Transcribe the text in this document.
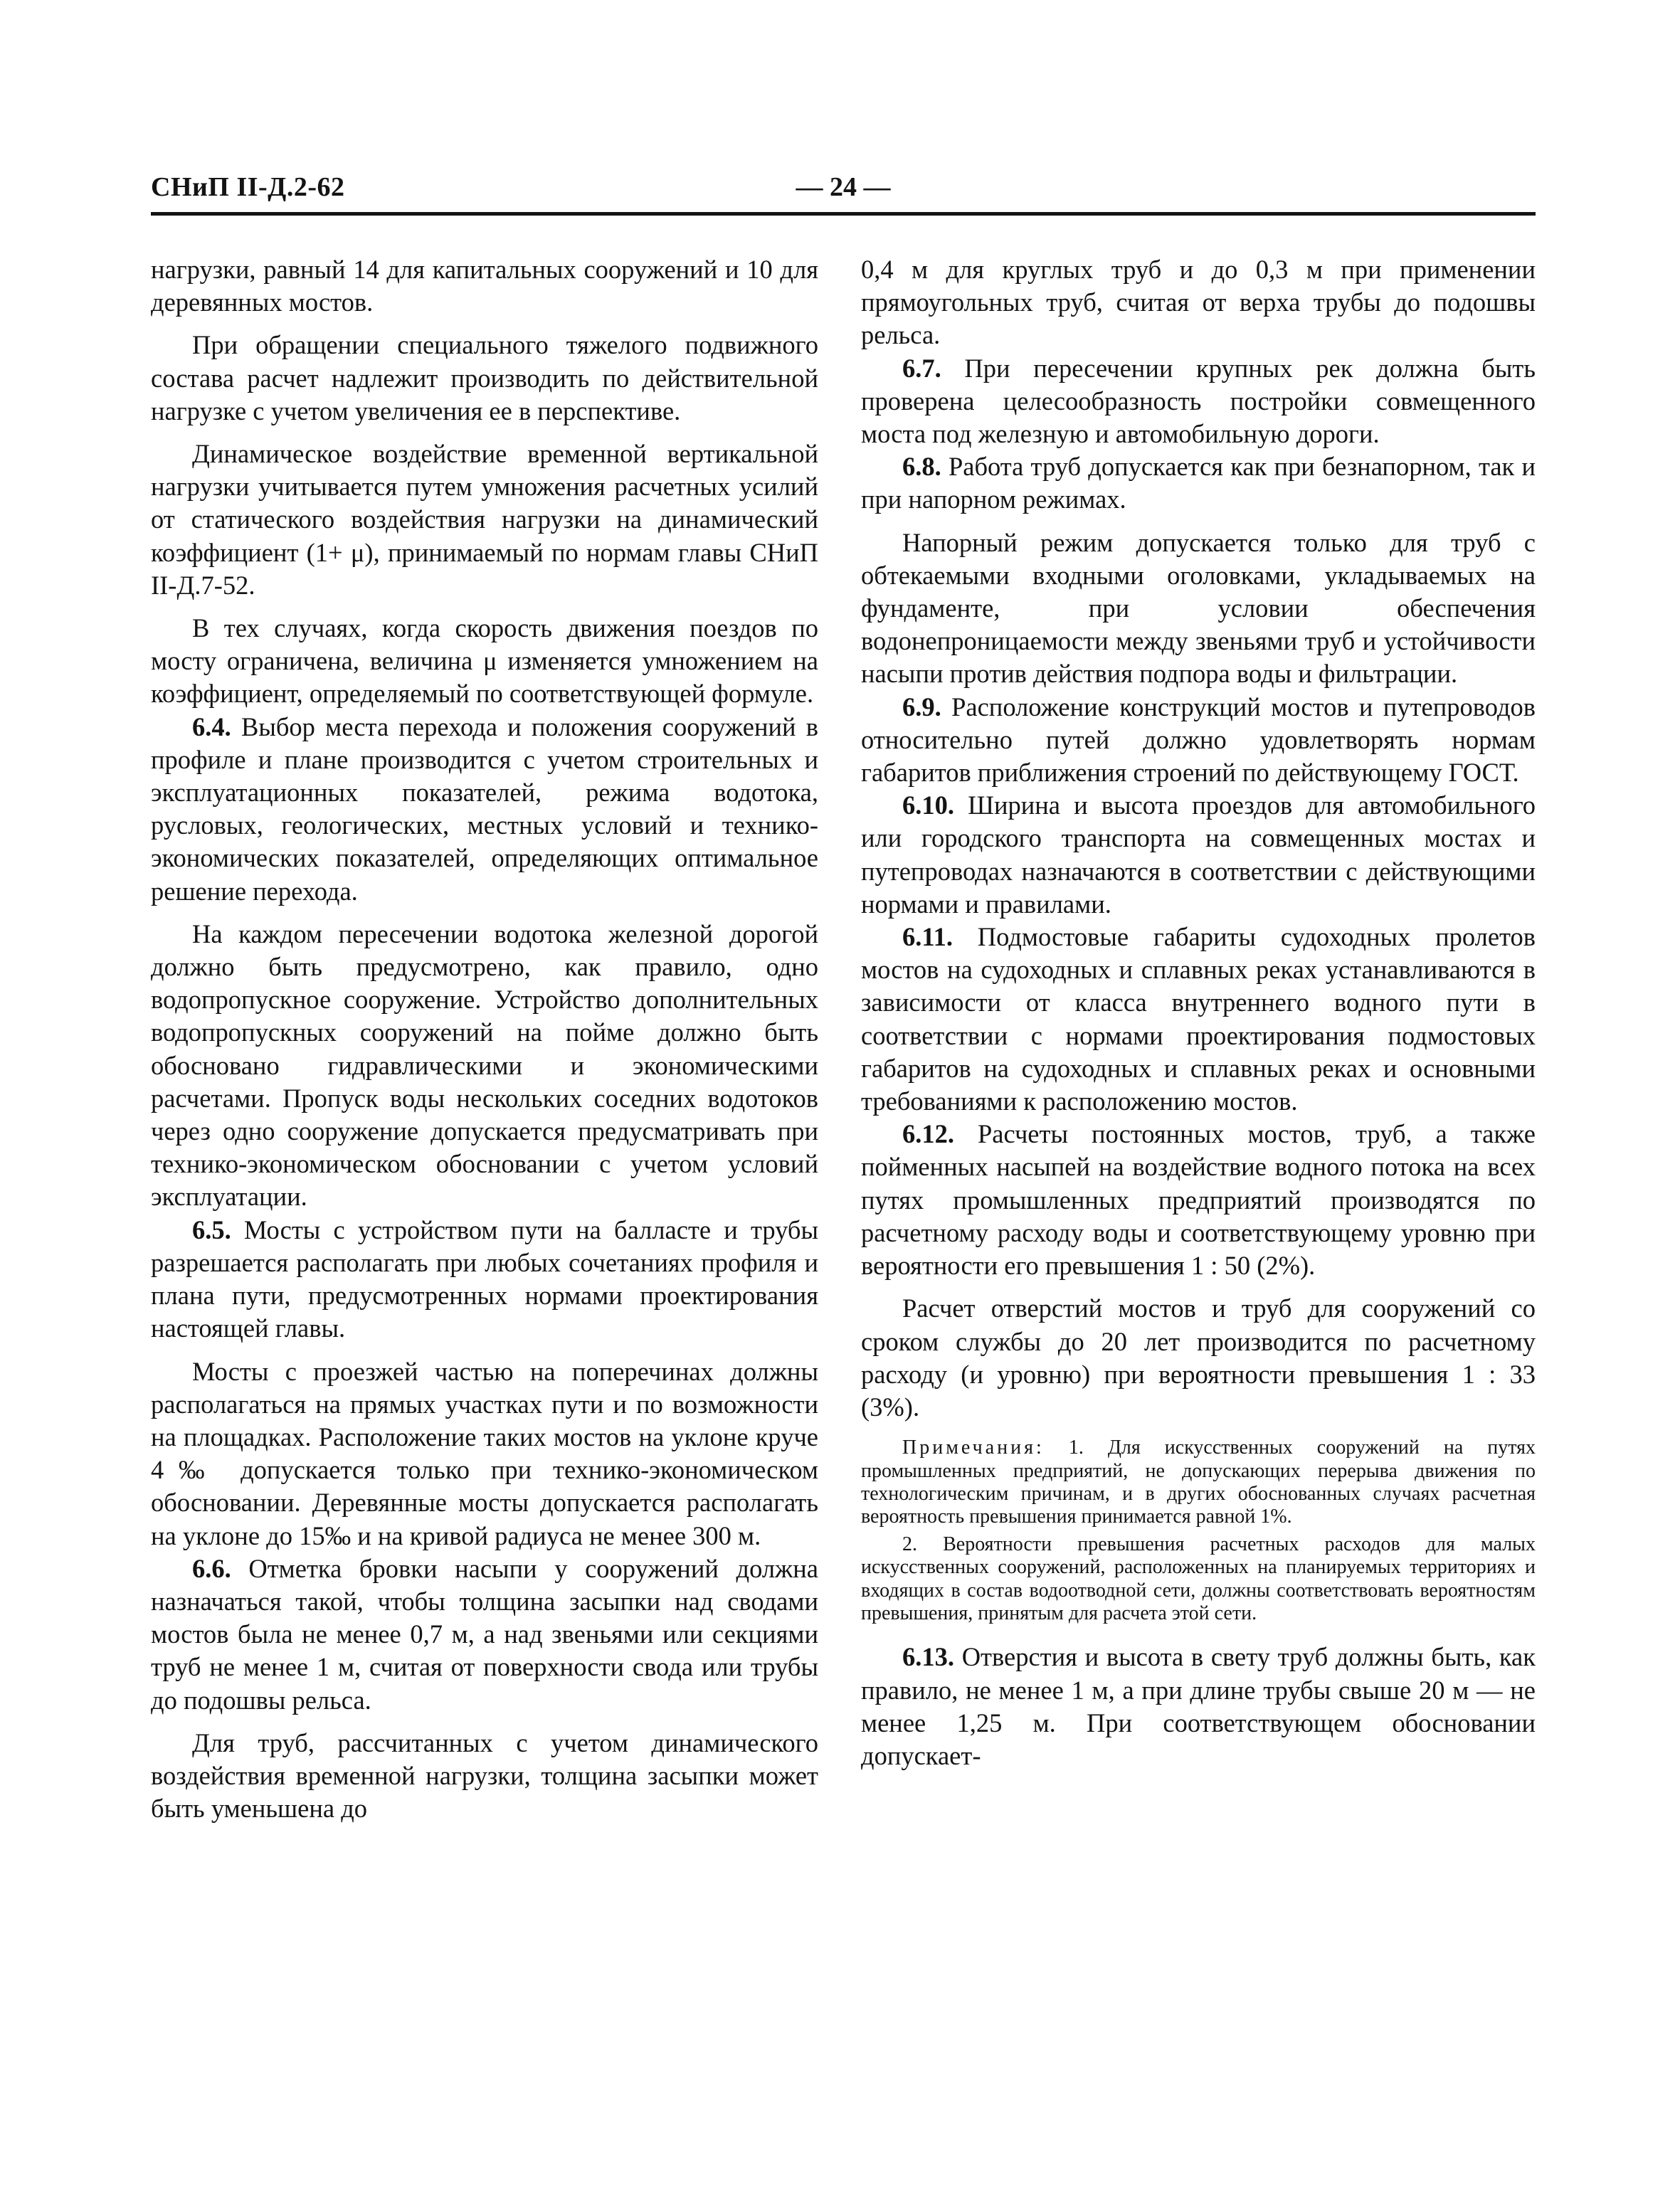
СНиП II-Д.2-62	— 24 —

нагрузки, равный 14 для капитальных сооружений и 10 для деревянных мостов.

При обращении специального тяжелого подвижного состава расчет надлежит производить по действительной нагрузке с учетом увеличения ее в перспективе.

Динамическое воздействие временной вертикальной нагрузки учитывается путем умножения расчетных усилий от статического воздействия нагрузки на динамический коэффициент (1+ μ), принимаемый по нормам главы СНиП II-Д.7-52.

В тех случаях, когда скорость движения поездов по мосту ограничена, величина μ изменяется умножением на коэффициент, определяемый по соответствующей формуле.

6.4. Выбор места перехода и положения сооружений в профиле и плане производится с учетом строительных и эксплуатационных показателей, режима водотока, русловых, геологических, местных условий и технико-экономических показателей, определяющих оптимальное решение перехода.

На каждом пересечении водотока железной дорогой должно быть предусмотрено, как правило, одно водопропускное сооружение. Устройство дополнительных водопропускных сооружений на пойме должно быть обосновано гидравлическими и экономическими расчетами. Пропуск воды нескольких соседних водотоков через одно сооружение допускается предусматривать при технико-экономическом обосновании с учетом условий эксплуатации.

6.5. Мосты с устройством пути на балласте и трубы разрешается располагать при любых сочетаниях профиля и плана пути, предусмотренных нормами проектирования настоящей главы.

Мосты с проезжей частью на поперечинах должны располагаться на прямых участках пути и по возможности на площадках. Расположение таких мостов на уклоне круче 4‰ допускается только при технико-экономическом обосновании. Деревянные мосты допускается располагать на уклоне до 15‰ и на кривой радиуса не менее 300 м.

6.6. Отметка бровки насыпи у сооружений должна назначаться такой, чтобы толщина засыпки над сводами мостов была не менее 0,7 м, а над звеньями или секциями труб не менее 1 м, считая от поверхности свода или трубы до подошвы рельса.

Для труб, рассчитанных с учетом динамического воздействия временной нагрузки, толщина засыпки может быть уменьшена до

0,4 м для круглых труб и до 0,3 м при применении прямоугольных труб, считая от верха трубы до подошвы рельса.

6.7. При пересечении крупных рек должна быть проверена целесообразность постройки совмещенного моста под железную и автомобильную дороги.

6.8. Работа труб допускается как при безнапорном, так и при напорном режимах.

Напорный режим допускается только для труб с обтекаемыми входными оголовками, укладываемых на фундаменте, при условии обеспечения водонепроницаемости между звеньями труб и устойчивости насыпи против действия подпора воды и фильтрации.

6.9. Расположение конструкций мостов и путепроводов относительно путей должно удовлетворять нормам габаритов приближения строений по действующему ГОСТ.

6.10. Ширина и высота проездов для автомобильного или городского транспорта на совмещенных мостах и путепроводах назначаются в соответствии с действующими нормами и правилами.

6.11. Подмостовые габариты судоходных пролетов мостов на судоходных и сплавных реках устанавливаются в зависимости от класса внутреннего водного пути в соответствии с нормами проектирования подмостовых габаритов на судоходных и сплавных реках и основными требованиями к расположению мостов.

6.12. Расчеты постоянных мостов, труб, а также пойменных насыпей на воздействие водного потока на всех путях промышленных предприятий производятся по расчетному расходу воды и соответствующему уровню при вероятности его превышения 1 : 50 (2%).

Расчет отверстий мостов и труб для сооружений со сроком службы до 20 лет производится по расчетному расходу (и уровню) при вероятности превышения 1 : 33 (3%).

Примечания: 1. Для искусственных сооружений на путях промышленных предприятий, не допускающих перерыва движения по технологическим причинам, и в других обоснованных случаях расчетная вероятность превышения принимается равной 1%.

2. Вероятности превышения расчетных расходов для малых искусственных сооружений, расположенных на планируемых территориях и входящих в состав водоотводной сети, должны соответствовать вероятностям превышения, принятым для расчета этой сети.

6.13. Отверстия и высота в свету труб должны быть, как правило, не менее 1 м, а при длине трубы свыше 20 м — не менее 1,25 м. При соответствующем обосновании допускает-
